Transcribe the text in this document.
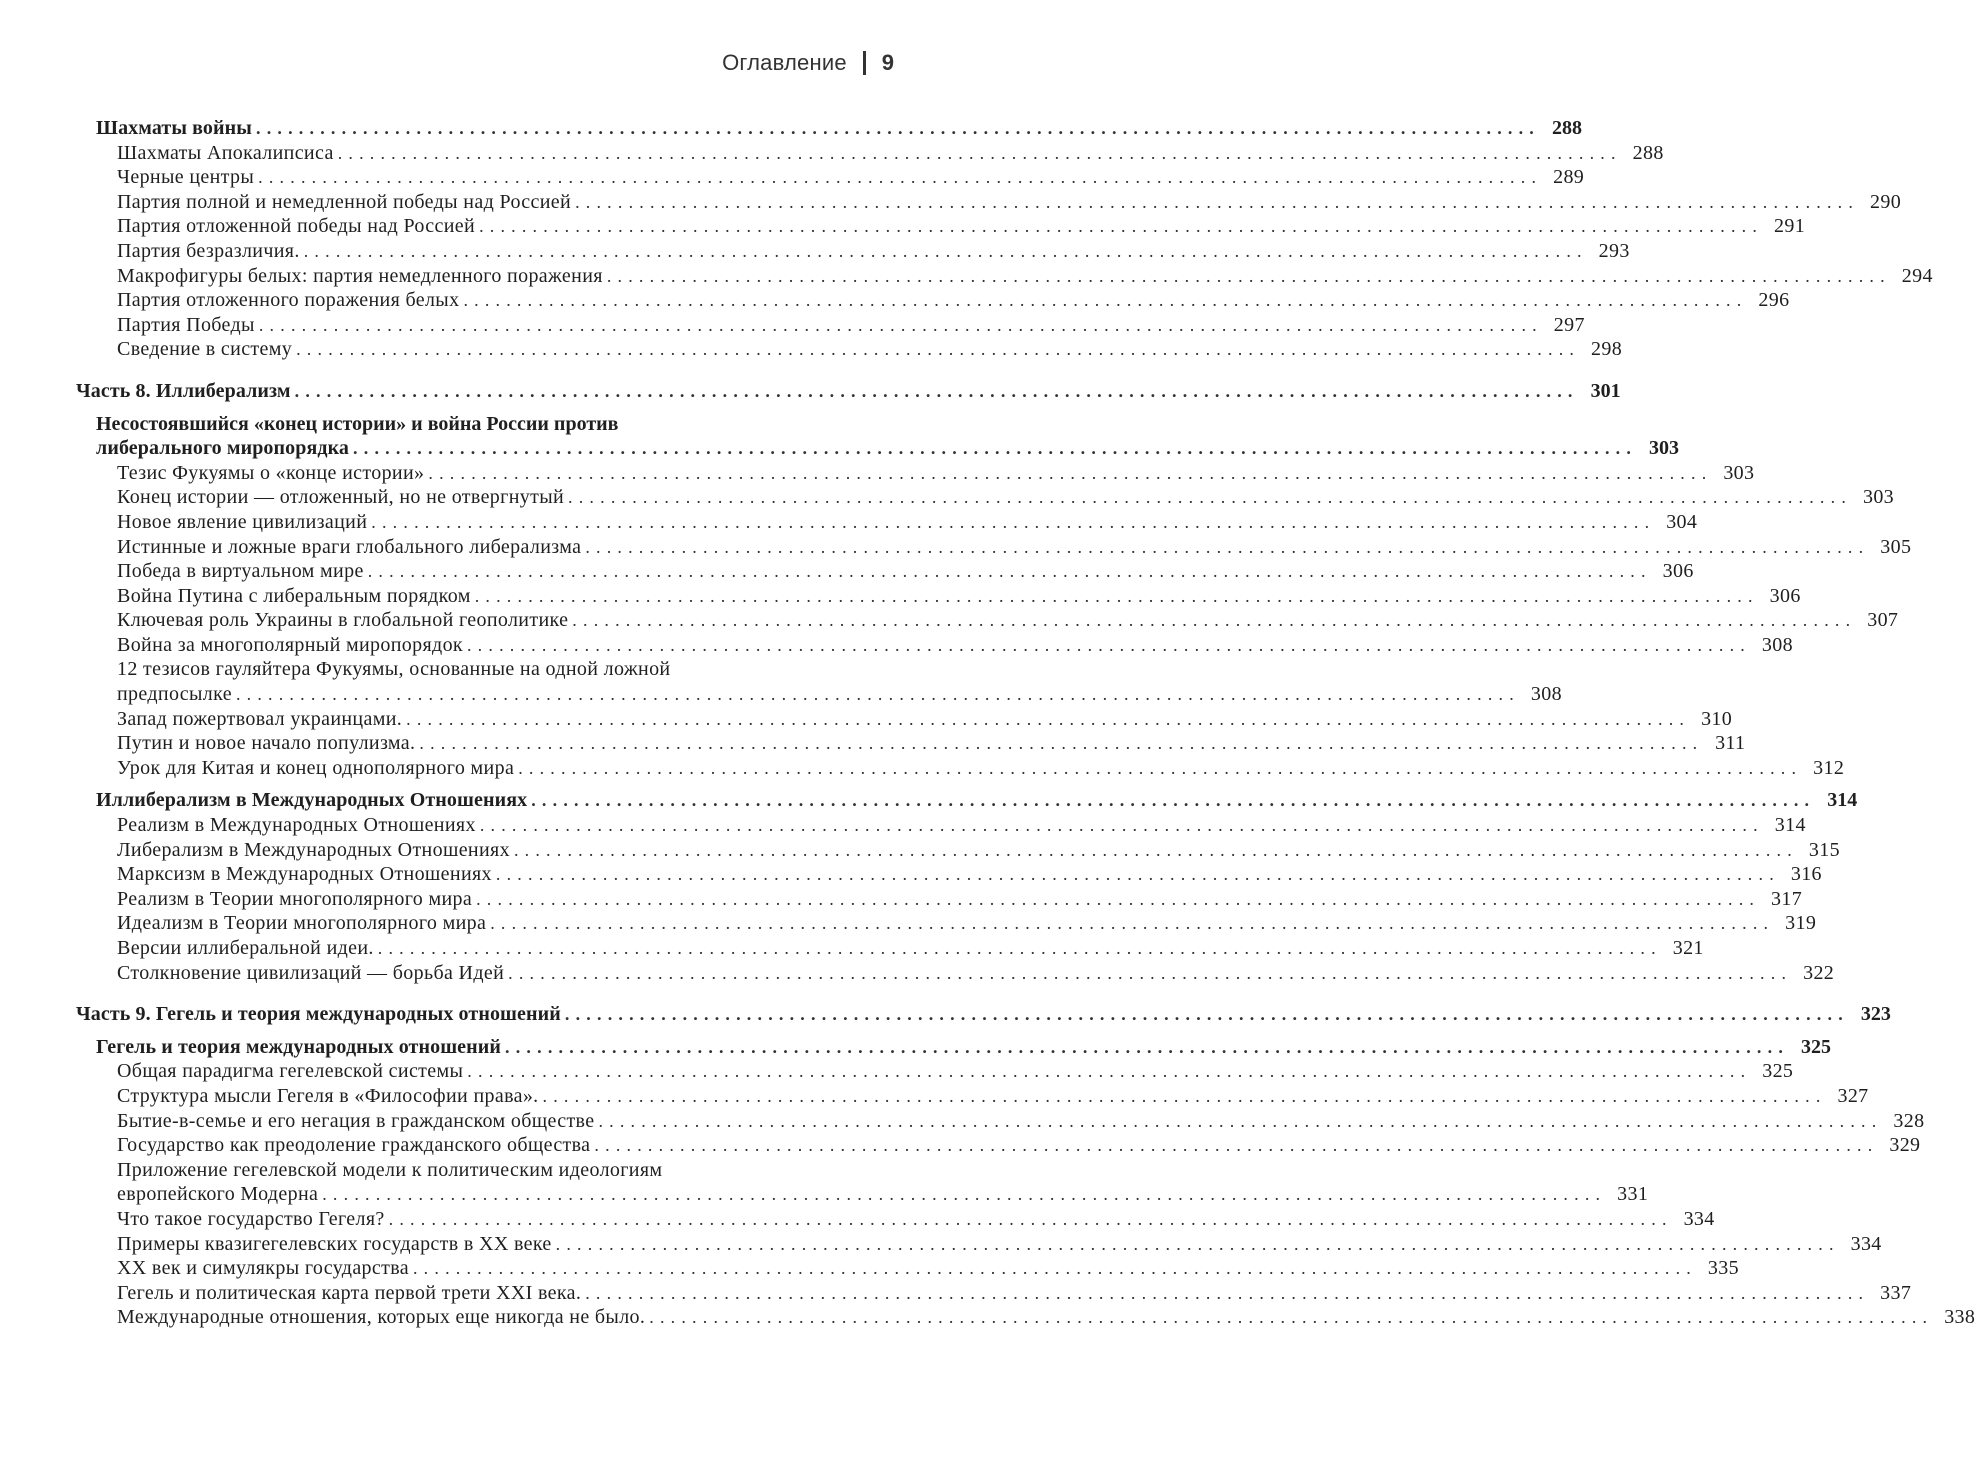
Оглавление 9
Шахматы войны ........................................................................................................................ 288
Шахматы Апокалипсиса ........................................................................................................................ 288
Черные центры ........................................................................................................................ 289
Партия полной и немедленной победы над Россией ........................................................................................................................ 290
Партия отложенной победы над Россией ........................................................................................................................ 291
Партия безразличия. ........................................................................................................................ 293
Макрофигуры белых: партия немедленного поражения ........................................................................................................................ 294
Партия отложенного поражения белых ........................................................................................................................ 296
Партия Победы ........................................................................................................................ 297
Сведение в систему ........................................................................................................................ 298
Часть 8. Иллиберализм ........................................................................................................................ 301
Несостоявшийся «конец истории» и война России против
либерального миропорядка ........................................................................................................................ 303
Тезис Фукуямы о «конце истории» ........................................................................................................................ 303
Конец истории — отложенный, но не отвергнутый ........................................................................................................................ 303
Новое явление цивилизаций ........................................................................................................................ 304
Истинные и ложные враги глобального либерализма ........................................................................................................................ 305
Победа в виртуальном мире ........................................................................................................................ 306
Война Путина с либеральным порядком ........................................................................................................................ 306
Ключевая роль Украины в глобальной геополитике ........................................................................................................................ 307
Война за многополярный миропорядок ........................................................................................................................ 308
12 тезисов гауляйтера Фукуямы, основанные на одной ложной
предпосылке ........................................................................................................................ 308
Запад пожертвовал украинцами. ........................................................................................................................ 310
Путин и новое начало популизма. ........................................................................................................................ 311
Урок для Китая и конец однополярного мира ........................................................................................................................ 312
Иллиберализм в Международных Отношениях ........................................................................................................................ 314
Реализм в Международных Отношениях ........................................................................................................................ 314
Либерализм в Международных Отношениях ........................................................................................................................ 315
Марксизм в Международных Отношениях ........................................................................................................................ 316
Реализм в Теории многополярного мира ........................................................................................................................ 317
Идеализм в Теории многополярного мира ........................................................................................................................ 319
Версии иллиберальной идеи. ........................................................................................................................ 321
Столкновение цивилизаций — борьба Идей ........................................................................................................................ 322
Часть 9. Гегель и теория международных отношений ........................................................................................................................ 323
Гегель и теория международных отношений ........................................................................................................................ 325
Общая парадигма гегелевской системы ........................................................................................................................ 325
Структура мысли Гегеля в «Философии права». ........................................................................................................................ 327
Бытие-в-семье и его негация в гражданском обществе ........................................................................................................................ 328
Государство как преодоление гражданского общества ........................................................................................................................ 329
Приложение гегелевской модели к политическим идеологиям
европейского Модерна ........................................................................................................................ 331
Что такое государство Гегеля? ........................................................................................................................ 334
Примеры квазигегелевских государств в XX веке ........................................................................................................................ 334
XX век и симулякры государства ........................................................................................................................ 335
Гегель и политическая карта первой трети XXI века. ........................................................................................................................ 337
Международные отношения, которых еще никогда не было. ........................................................................................................................ 338
